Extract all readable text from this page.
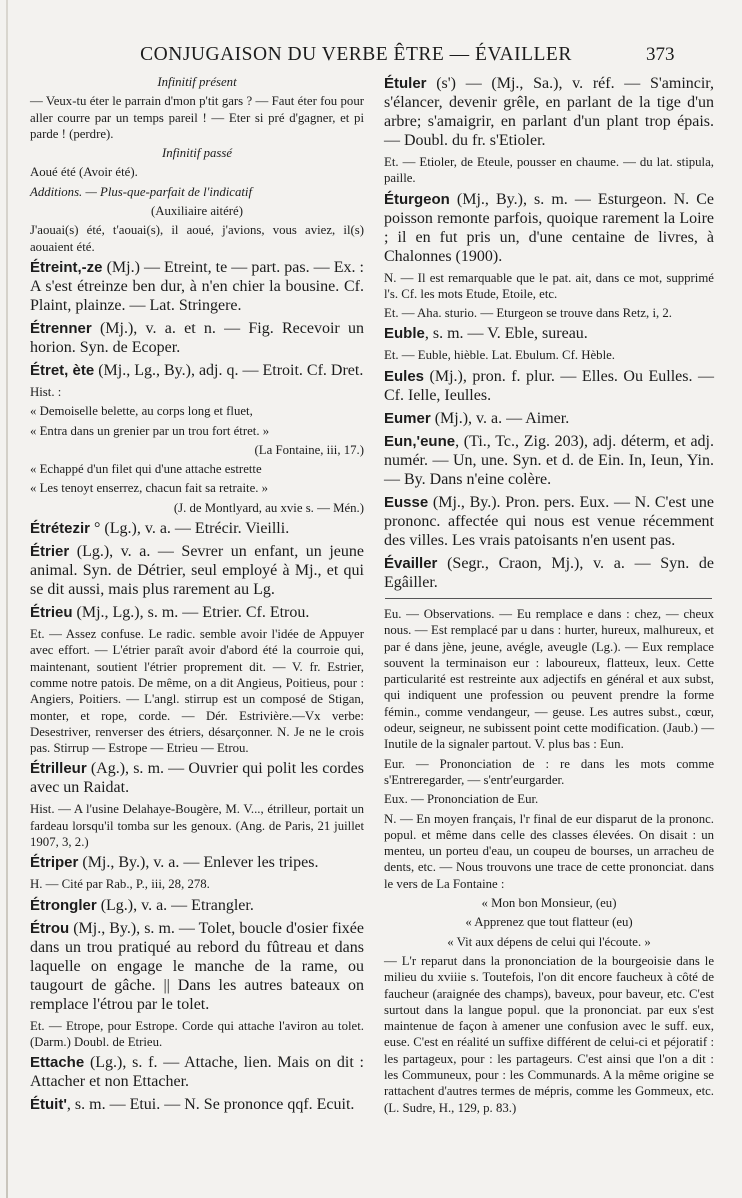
CONJUGAISON DU VERBE ÊTRE — ÉVAILLER	373

Infinitif présent

— Veux-tu éter le parrain d'mon p'tit gars ? — Faut éter fou pour aller courre par un temps pareil ! — Eter si pré d'gagner, et pi parde ! (perdre).

Infinitif passé

Aoué été (Avoir été).

Additions. — Plus-que-parfait de l'indicatif

(Auxiliaire aitéré)

J'aouai(s) été, t'aouai(s), il aoué, j'avions, vous aviez, il(s) aouaient été.

Étreint,-ze (Mj.) — Etreint, te — part. pas. — Ex. : A s'est étreinze ben dur, à n'en chier la bousine. Cf. Plaint, plainze. — Lat. Stringere.

Étrenner (Mj.), v. a. et n. — Fig. Recevoir un horion. Syn. de Ecoper.

Étret, ète (Mj., Lg., By.), adj. q. — Etroit. Cf. Dret.

Hist. :

« Demoiselle belette, au corps long et fluet,

« Entra dans un grenier par un trou fort étret. »

(La Fontaine, iii, 17.)

« Echappé d'un filet qui d'une attache estrette

« Les tenoyt enserrez, chacun fait sa retraite. »

(J. de Montlyard, au xvie s. — Mén.)

Étrétezir ° (Lg.), v. a. — Etrécir. Vieilli.

Étrier (Lg.), v. a. — Sevrer un enfant, un jeune animal. Syn. de Détrier, seul employé à Mj., et qui se dit aussi, mais plus rarement au Lg.

Étrieu (Mj., Lg.), s. m. — Etrier. Cf. Etrou.

Et. — Assez confuse. Le radic. semble avoir l'idée de Appuyer avec effort. — L'étrier paraît avoir d'abord été la courroie qui, maintenant, soutient l'étrier proprement dit. — V. fr. Estrier, comme notre patois. De même, on a dit Angieus, Poitieus, pour : Angiers, Poitiers. — L'angl. stirrup est un composé de Stigan, monter, et rope, corde. — Dér. Estrivière.—Vx verbe: Desestriver, renverser des étriers, désarçonner. N. Je ne le crois pas. Stirrup — Estrope — Etrieu — Etrou.

Étrilleur (Ag.), s. m. — Ouvrier qui polit les cordes avec un Raidat.

Hist. — A l'usine Delahaye-Bougère, M. V..., étrilleur, portait un fardeau lorsqu'il tomba sur les genoux. (Ang. de Paris, 21 juillet 1907, 3, 2.)

Étriper (Mj., By.), v. a. — Enlever les tripes.

H. — Cité par Rab., P., iii, 28, 278.

Étrongler (Lg.), v. a. — Etrangler.

Étrou (Mj., By.), s. m. — Tolet, boucle d'osier fixée dans un trou pratiqué au rebord du fûtreau et dans laquelle on engage le manche de la rame, ou taugourt de gâche. || Dans les autres bateaux on remplace l'étrou par le tolet.

Et. — Etrope, pour Estrope. Corde qui attache l'aviron au tolet. (Darm.) Doubl. de Etrieu.

Ettache (Lg.), s. f. — Attache, lien. Mais on dit : Attacher et non Ettacher.

Étuit', s. m. — Etui. — N. Se prononce qqf. Ecuit.

Étuler (s') — (Mj., Sa.), v. réf. — S'amincir, s'élancer, devenir grêle, en parlant de la tige d'un arbre; s'amaigrir, en parlant d'un plant trop épais. — Doubl. du fr. s'Etioler.

Et. — Etioler, de Eteule, pousser en chaume. — du lat. stipula, paille.

Éturgeon (Mj., By.), s. m. — Esturgeon. N. Ce poisson remonte parfois, quoique rarement la Loire ; il en fut pris un, d'une centaine de livres, à Chalonnes (1900).

N. — Il est remarquable que le pat. ait, dans ce mot, supprimé l's. Cf. les mots Etude, Etoile, etc.

Et. — Aha. sturio. — Eturgeon se trouve dans Retz, i, 2.

Euble, s. m. — V. Eble, sureau.

Et. — Euble, hièble. Lat. Ebulum. Cf. Hèble.

Eules (Mj.), pron. f. plur. — Elles. Ou Eulles. — Cf. Ielle, Ieulles.

Eumer (Mj.), v. a. — Aimer.

Eun,'eune, (Ti., Tc., Zig. 203), adj. déterm, et adj. numér. — Un, une. Syn. et d. de Ein. In, Ieun, Yin. — By. Dans n'eine colère.

Eusse (Mj., By.). Pron. pers. Eux. — N. C'est une prononc. affectée qui nous est venue récemment des villes. Les vrais patoisants n'en usent pas.

Évailler (Segr., Craon, Mj.), v. a. — Syn. de Egâiller.

Eu. — Observations. — Eu remplace e dans : chez, — cheux nous. — Est remplacé par u dans : hurter, hureux, malhureux, et par é dans jène, jeune, avégle, aveugle (Lg.). — Eux remplace souvent la terminaison eur : laboureux, flatteux, leux. Cette particularité est restreinte aux adjectifs en général et aux subst, qui indiquent une profession ou peuvent prendre la forme fémin., comme vendangeur, — geuse. Les autres subst., cœur, odeur, seigneur, ne subissent point cette modification. (Jaub.) — Inutile de la signaler partout. V. plus bas : Eun.

Eur. — Prononciation de : re dans les mots comme s'Entreregarder, — s'entr'eurgarder.

Eux. — Prononciation de Eur.

N. — En moyen français, l'r final de eur disparut de la prononc. popul. et même dans celle des classes élevées. On disait : un menteu, un porteu d'eau, un coupeu de bourses, un arracheu de dents, etc. — Nous trouvons une trace de cette prononciat. dans le vers de La Fontaine :

« Mon bon Monsieur, (eu)

« Apprenez que tout flatteur (eu)

« Vit aux dépens de celui qui l'écoute. »

— L'r reparut dans la prononciation de la bourgeoisie dans le milieu du xviiie s. Toutefois, l'on dit encore faucheux à côté de faucheur (araignée des champs), baveux, pour baveur, etc. C'est surtout dans la langue popul. que la prononciat. par eux s'est maintenue de façon à amener une confusion avec le suff. eux, euse. C'est en réalité un suffixe différent de celui-ci et péjoratif : les partageux, pour : les partageurs. C'est ainsi que l'on a dit : les Communeux, pour : les Communards. A la même origine se rattachent d'autres termes de mépris, comme les Gommeux, etc. (L. Sudre, H., 129, p. 83.)
